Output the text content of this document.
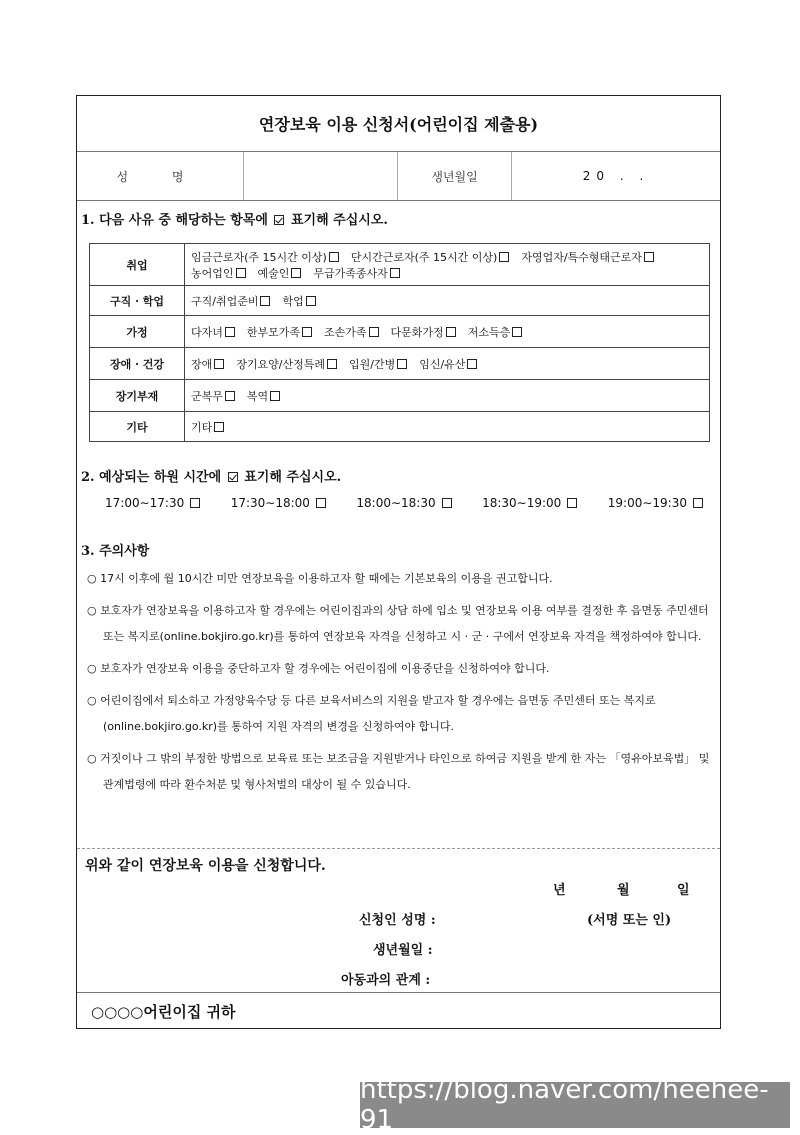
연장보육 이용 신청서(어린이집 제출용)
성 명	생년월일	20 . .
1. 다음 사유 중 해당하는 항목에 표기해 주십시오.
취업	임금근로자(주 15시간 이상) 단시간근로자(주 15시간 이상) 자영업자/특수형태근로자농어업인 예술인 무급가족종사자
구직 · 학업	구직/취업준비 학업
가정	다자녀 한부모가족 조손가족 다문화가정 저소득층
장애 · 건강	장애 장기요양/산정특례 입원/간병 임신/유산
장기부재	군복무 복역
기타	기타
2. 예상되는 하원 시간에 표기해 주십시오.
17:00∼17:30	17:30∼18:00	18:00∼18:30	18:30∼19:00	19:00∼19:30
3. 주의사항
○ 17시 이후에 월 10시간 미만 연장보육을 이용하고자 할 때에는 기본보육의 이용을 권고합니다.
○ 보호자가 연장보육을 이용하고자 할 경우에는 어린이집과의 상담 하에 입소 및 연장보육 이용 여부를 결정한 후 읍면동 주민센터 또는 복지로(online.bokjiro.go.kr)를 통하여 연장보육 자격을 신청하고 시 · 군 · 구에서 연장보육 자격을 책정하여야 합니다.
○ 보호자가 연장보육 이용을 중단하고자 할 경우에는 어린이집에 이용중단을 신청하여야 합니다.
○ 어린이집에서 퇴소하고 가정양육수당 등 다른 보육서비스의 지원을 받고자 할 경우에는 읍면동 주민센터 또는 복지로(online.bokjiro.go.kr)를 통하여 지원 자격의 변경을 신청하여야 합니다.
○ 거짓이나 그 밖의 부정한 방법으로 보육료 또는 보조금을 지원받거나 타인으로 하여금 지원을 받게 한 자는 「영유아보육법」 및 관계법령에 따라 환수처분 및 형사처벌의 대상이 될 수 있습니다.
위와 같이 연장보육 이용을 신청합니다.
년	월	일
신청인 성명 :	(서명 또는 인)
생년월일 :
아동과의 관계 :
○○○○어린이집 귀하
https://blog.naver.com/heehee-91
